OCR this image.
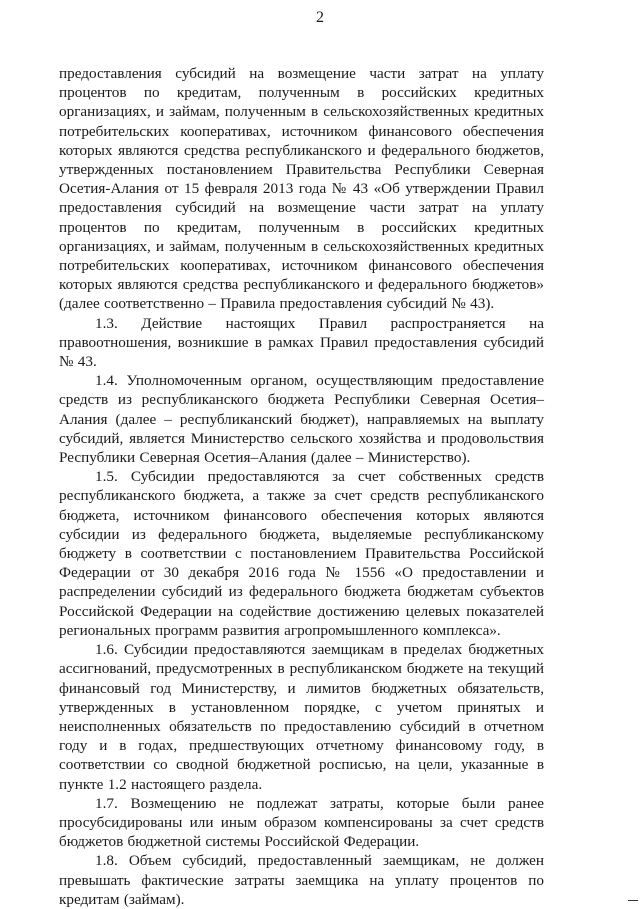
2

предоставления субсидий на возмещение части затрат на уплату процентов по кредитам, полученным в российских кредитных организациях, и займам, полученным в сельскохозяйственных кредитных потребительских кооперативах, источником финансового обеспечения которых являются средства республиканского и федерального бюджетов, утвержденных постановлением Правительства Республики Северная Осетия-Алания от 15 февраля 2013 года № 43 «Об утверждении Правил предоставления субсидий на возмещение части затрат на уплату процентов по кредитам, полученным в российских кредитных организациях, и займам, полученным в сельскохозяйственных кредитных потребительских кооперативах, источником финансового обеспечения которых являются средства республиканского и федерального бюджетов» (далее соответственно – Правила предоставления субсидий № 43).

1.3. Действие настоящих Правил распространяется на правоотношения, возникшие в рамках Правил предоставления субсидий № 43.

1.4. Уполномоченным органом, осуществляющим предоставление средств из республиканского бюджета Республики Северная Осетия–Алания (далее – республиканский бюджет), направляемых на выплату субсидий, является Министерство сельского хозяйства и продовольствия Республики Северная Осетия–Алания (далее – Министерство).

1.5. Субсидии предоставляются за счет собственных средств республиканского бюджета, а также за счет средств республиканского бюджета, источником финансового обеспечения которых являются субсидии из федерального бюджета, выделяемые республиканскому бюджету в соответствии с постановлением Правительства Российской Федерации от 30 декабря 2016 года № 1556 «О предоставлении и распределении субсидий из федерального бюджета бюджетам субъектов Российской Федерации на содействие достижению целевых показателей региональных программ развития агропромышленного комплекса».

1.6. Субсидии предоставляются заемщикам в пределах бюджетных ассигнований, предусмотренных в республиканском бюджете на текущий финансовый год Министерству, и лимитов бюджетных обязательств, утвержденных в установленном порядке, с учетом принятых и неисполненных обязательств по предоставлению субсидий в отчетном году и в годах, предшествующих отчетному финансовому году, в соответствии со сводной бюджетной росписью, на цели, указанные в пункте 1.2 настоящего раздела.

1.7. Возмещению не подлежат затраты, которые были ранее просубсидированы или иным образом компенсированы за счет средств бюджетов бюджетной системы Российской Федерации.

1.8. Объем субсидий, предоставленный заемщикам, не должен превышать фактические затраты заемщика на уплату процентов по кредитам (займам).
